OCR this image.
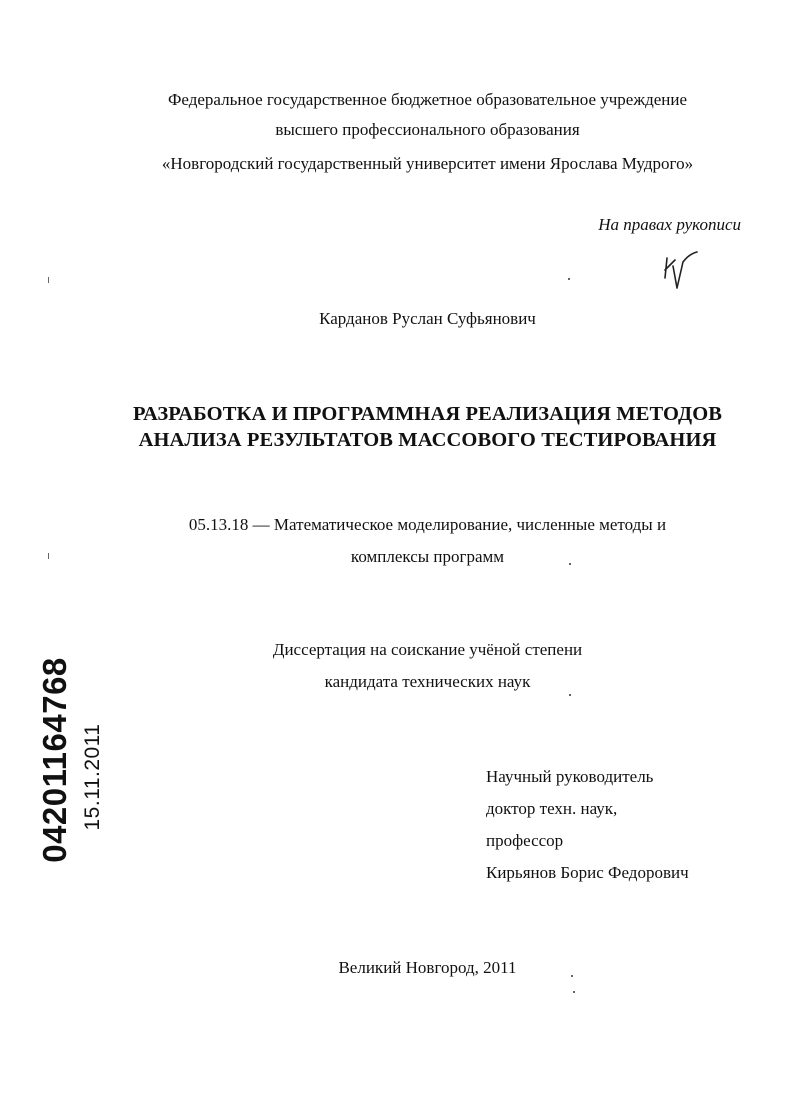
Федеральное государственное бюджетное образовательное учреждение
высшего профессионального образования
«Новгородский государственный университет имени Ярослава Мудрого»
На правах рукописи
Карданов Руслан Суфьянович
РАЗРАБОТКА И ПРОГРАММНАЯ РЕАЛИЗАЦИЯ МЕТОДОВ
АНАЛИЗА РЕЗУЛЬТАТОВ МАССОВОГО ТЕСТИРОВАНИЯ
05.13.18 — Математическое моделирование, численные методы и
комплексы программ
Диссертация на соискание учёной степени
кандидата технических наук
Научный руководитель
доктор техн. наук,
профессор
Кирьянов Борис Федорович
Великий Новгород, 2011
04201164768 15.11.2011
